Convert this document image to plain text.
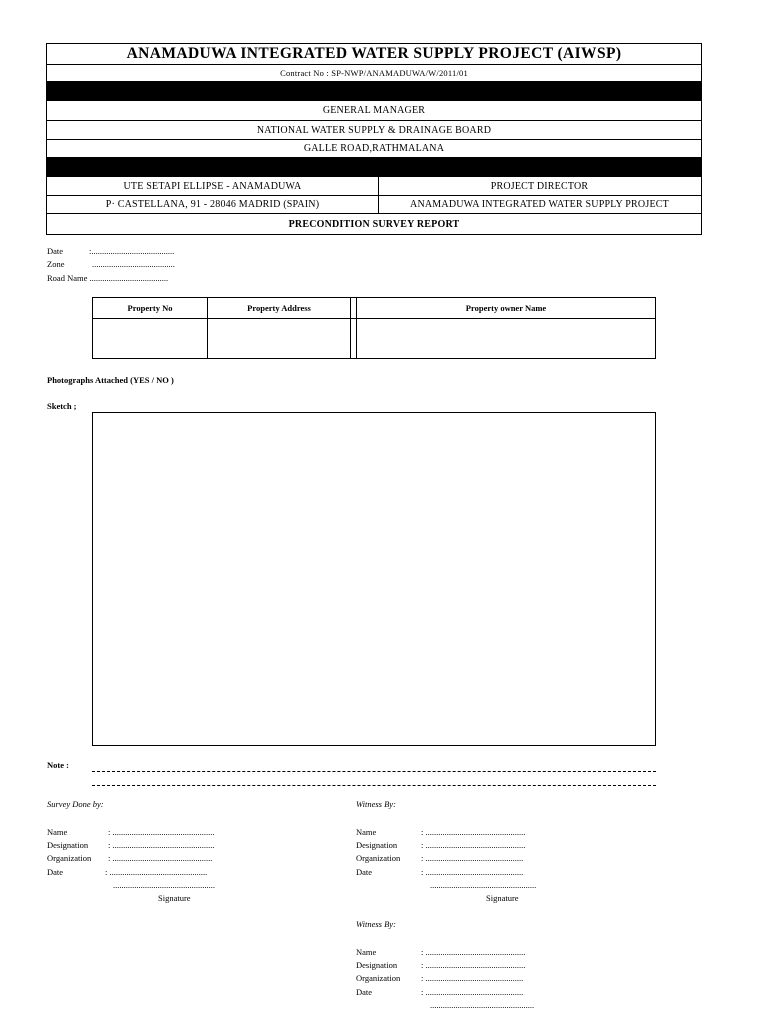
ANAMADUWA INTEGRATED WATER SUPPLY PROJECT (AIWSP)
Contract No : SP-NWP/ANAMADUWA/W/2011/01
GENERAL MANAGER
NATIONAL WATER SUPPLY & DRAINAGE BOARD
GALLE ROAD,RATHMALANA
UTE SETAPI ELLIPSE - ANAMADUWA	PROJECT DIRECTOR
P· CASTELLANA, 91 - 28046 MADRID (SPAIN)	ANAMADUWA INTEGRATED WATER SUPPLY PROJECT
PRECONDITION SURVEY REPORT
Date	:.......................................
Zone	.......................................
Road Name .....................................
Property No	Property Address		Property owner Name

Photographs Attached (YES / NO )
Sketch ;
Note :
Survey Done by:
Name	: ................................................
Designation : ................................................
Organization : ...............................................
Date	: ..............................................
................................................
Signature
Witness By:
Name	: ...............................................
Designation	: ...............................................
Organization : ..............................................
Date	: ..............................................
..................................................
Signature
Witness By:
Name	: ...............................................
Designation	: ...............................................
Organization : ..............................................
Date	: ..............................................
.................................................
